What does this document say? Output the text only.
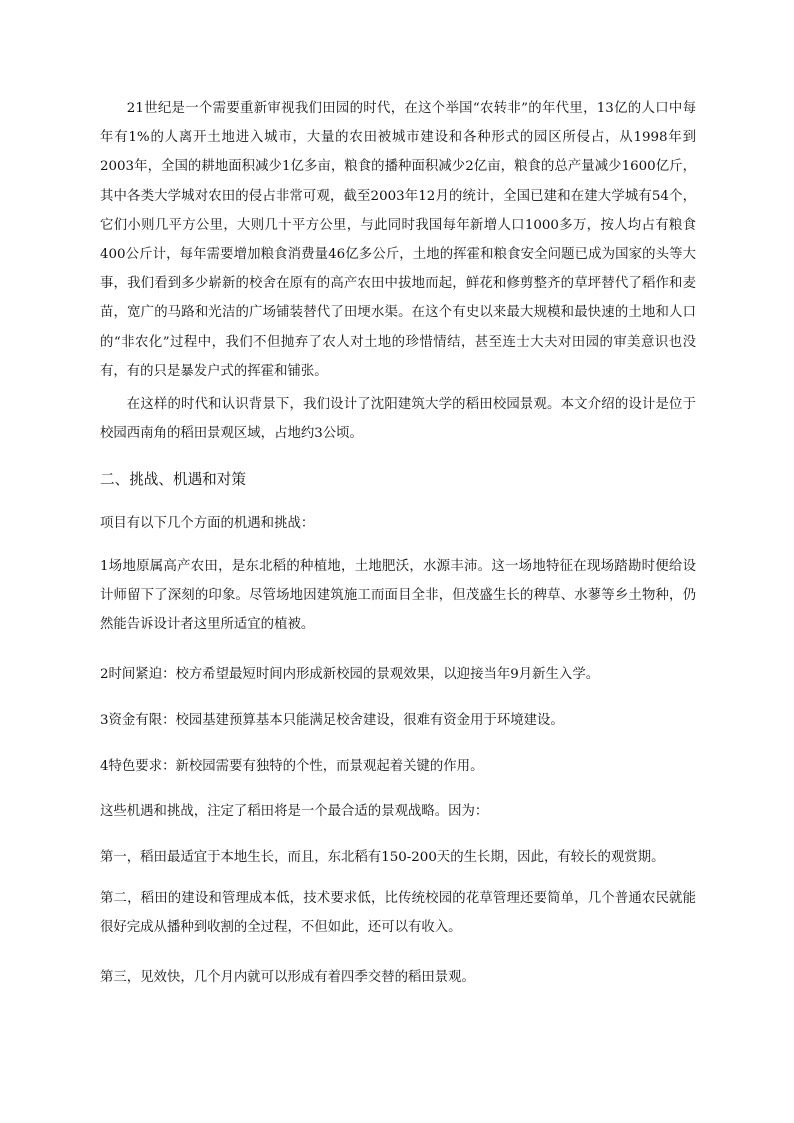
21世纪是一个需要重新审视我们田园的时代，在这个举国“农转非”的年代里，13亿的人口中每年有1%的人离开土地进入城市，大量的农田被城市建设和各种形式的园区所侵占，从1998年到2003年，全国的耕地面积减少1亿多亩，粮食的播种面积减少2亿亩，粮食的总产量减少1600亿斤，其中各类大学城对农田的侵占非常可观，截至2003年12月的统计，全国已建和在建大学城有54个，它们小则几平方公里，大则几十平方公里，与此同时我国每年新增人口1000多万，按人均占有粮食400公斤计，每年需要增加粮食消费量46亿多公斤，土地的挥霍和粮食安全问题已成为国家的头等大事，我们看到多少崭新的校舍在原有的高产农田中拔地而起，鲜花和修剪整齐的草坪替代了稻作和麦苗，宽广的马路和光洁的广场铺装替代了田埂水渠。在这个有史以来最大规模和最快速的土地和人口的“非农化”过程中，我们不但抛弃了农人对土地的珍惜情结，甚至连士大夫对田园的审美意识也没有，有的只是暴发户式的挥霍和铺张。

在这样的时代和认识背景下，我们设计了沈阳建筑大学的稻田校园景观。本文介绍的设计是位于校园西南角的稻田景观区域，占地约3公顷。

二、挑战、机遇和对策

项目有以下几个方面的机遇和挑战：

1场地原属高产农田，是东北稻的种植地，土地肥沃，水源丰沛。这一场地特征在现场踏勘时便给设计师留下了深刻的印象。尽管场地因建筑施工而面目全非，但茂盛生长的稗草、水蓼等乡土物种，仍然能告诉设计者这里所适宜的植被。

2时间紧迫：校方希望最短时间内形成新校园的景观效果，以迎接当年9月新生入学。

3资金有限：校园基建预算基本只能满足校舍建设，很难有资金用于环境建设。

4特色要求：新校园需要有独特的个性，而景观起着关键的作用。

这些机遇和挑战，注定了稻田将是一个最合适的景观战略。因为：

第一，稻田最适宜于本地生长，而且，东北稻有150-200天的生长期，因此，有较长的观赏期。

第二，稻田的建设和管理成本低，技术要求低，比传统校园的花草管理还要简单，几个普通农民就能很好完成从播种到收割的全过程，不但如此，还可以有收入。

第三，见效快，几个月内就可以形成有着四季交替的稻田景观。
